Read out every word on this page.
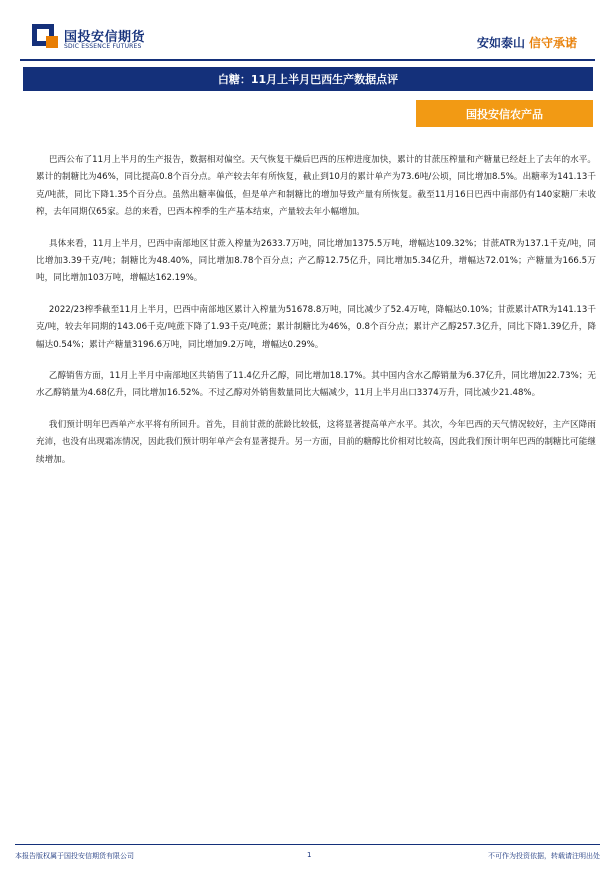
国投安信期货
SDIC ESSENCE FUTURES	安如泰山 信守承诺
白糖：11月上半月巴西生产数据点评
国投安信农产品

巴西公布了11月上半月的生产报告，数据相对偏空。天气恢复干燥后巴西的压榨进度加快，累计的甘蔗压榨量和产糖量已经赶上了去年的水平。累计的制糖比为46%，同比提高0.8个百分点。单产较去年有所恢复，截止到10月的累计单产为73.6吨/公顷，同比增加8.5%。出糖率为141.13千克/吨蔗，同比下降1.35个百分点。虽然出糖率偏低，但是单产和制糖比的增加导致产量有所恢复。截至11月16日巴西中南部仍有140家糖厂未收榨，去年同期仅65家。总的来看，巴西本榨季的生产基本结束，产量较去年小幅增加。

具体来看，11月上半月，巴西中南部地区甘蔗入榨量为2633.7万吨，同比增加1375.5万吨，增幅达109.32%；甘蔗ATR为137.1千克/吨，同比增加3.39千克/吨；制糖比为48.40%，同比增加8.78个百分点；产乙醇12.75亿升，同比增加5.34亿升，增幅达72.01%；产糖量为166.5万吨，同比增加103万吨，增幅达162.19%。

2022/23榨季截至11月上半月，巴西中南部地区累计入榨量为51678.8万吨，同比减少了52.4万吨，降幅达0.10%；甘蔗累计ATR为141.13千克/吨，较去年同期的143.06千克/吨蔗下降了1.93千克/吨蔗；累计制糖比为46%，0.8个百分点；累计产乙醇257.3亿升，同比下降1.39亿升，降幅达0.54%；累计产糖量3196.6万吨，同比增加9.2万吨，增幅达0.29%。

乙醇销售方面，11月上半月中南部地区共销售了11.4亿升乙醇，同比增加18.17%。其中国内含水乙醇销量为6.37亿升，同比增加22.73%；无水乙醇销量为4.68亿升，同比增加16.52%。不过乙醇对外销售数量同比大幅减少，11月上半月出口3374万升，同比减少21.48%。

我们预计明年巴西单产水平将有所回升。首先，目前甘蔗的蔗龄比较低，这将显著提高单产水平。其次，今年巴西的天气情况较好，主产区降雨充沛，也没有出现霜冻情况，因此我们预计明年单产会有显著提升。另一方面，目前的糖醇比价相对比较高，因此我们预计明年巴西的制糖比可能继续增加。

本报告版权属于国投安信期货有限公司	1	不可作为投资依据，转载请注明出处
